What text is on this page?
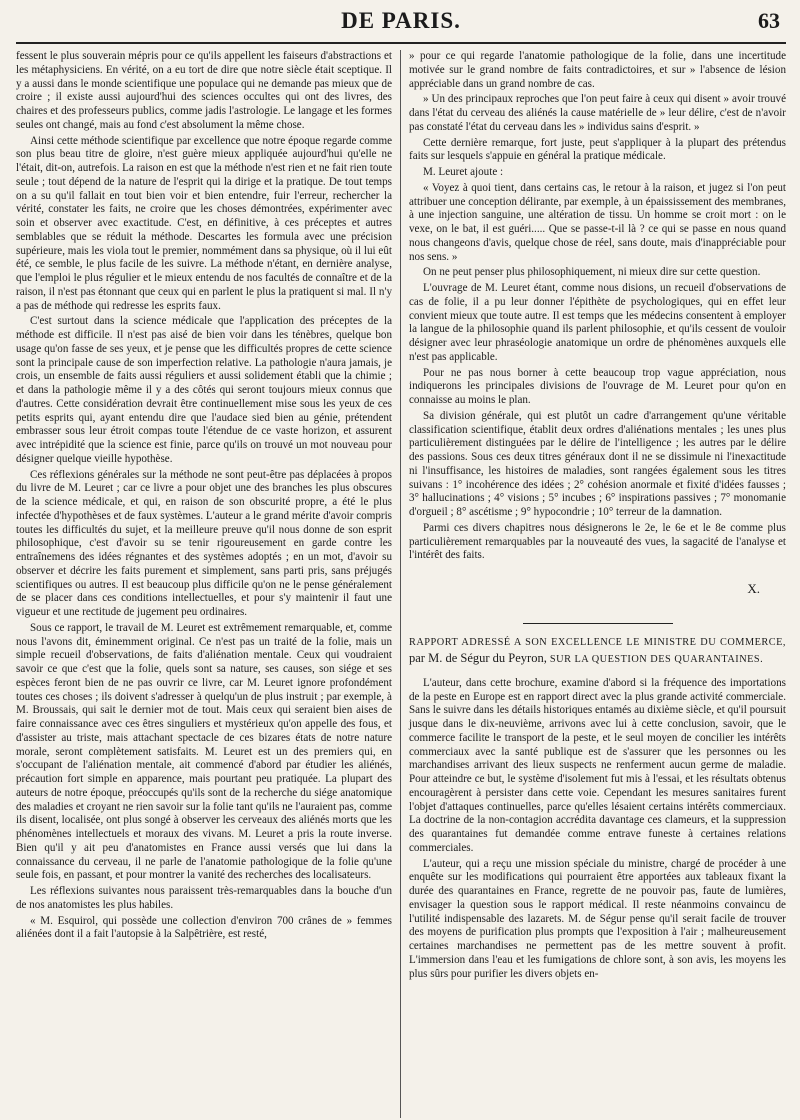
DE PARIS.	63

fessent le plus souverain mépris pour ce qu'ils appellent les faiseurs d'abstractions et les métaphysiciens. En vérité, on a eu tort de dire que notre siècle était sceptique. Il y a aussi dans le monde scientifique une populace qui ne demande pas mieux que de croire ; il existe aussi aujourd'hui des sciences occultes qui ont des livres, des chaires et des professeurs publics, comme jadis l'astrologie. Le langage et les formes seules ont changé, mais au fond c'est absolument la même chose.

Ainsi cette méthode scientifique par excellence que notre époque regarde comme son plus beau titre de gloire, n'est guère mieux appliquée aujourd'hui qu'elle ne l'était, dit-on, autrefois. La raison en est que la méthode n'est rien et ne fait rien toute seule ; tout dépend de la nature de l'esprit qui la dirige et la pratique. De tout temps on a su qu'il fallait en tout bien voir et bien entendre, fuir l'erreur, rechercher la vérité, constater les faits, ne croire que les choses démontrées, expérimenter avec soin et observer avec exactitude. C'est, en définitive, à ces préceptes et autres semblables que se réduit la méthode. Descartes les formula avec une précision supérieure, mais les viola tout le premier, nommément dans sa physique, où il lui eût été, ce semble, le plus facile de les suivre. La méthode n'étant, en dernière analyse, que l'emploi le plus régulier et le mieux entendu de nos facultés de connaître et de la raison, il n'est pas étonnant que ceux qui en parlent le plus la pratiquent si mal. Il n'y a pas de méthode qui redresse les esprits faux.

C'est surtout dans la science médicale que l'application des préceptes de la méthode est difficile. Il n'est pas aisé de bien voir dans les ténèbres, quelque bon usage qu'on fasse de ses yeux, et je pense que les difficultés propres de cette science sont la principale cause de son imperfection relative. La pathologie n'aura jamais, je crois, un ensemble de faits aussi réguliers et aussi solidement établi que la chimie ; et dans la pathologie même il y a des côtés qui seront toujours mieux connus que d'autres. Cette considération devrait être continuellement mise sous les yeux de ces petits esprits qui, ayant entendu dire que l'audace sied bien au génie, prétendent embrasser sous leur étroit compas toute l'étendue de ce vaste horizon, et assurent avec intrépidité que la science est finie, parce qu'ils on trouvé un mot nouveau pour désigner quelque vieille hypothèse.

Ces réflexions générales sur la méthode ne sont peut-être pas déplacées à propos du livre de M. Leuret ; car ce livre a pour objet une des branches les plus obscures de la science médicale, et qui, en raison de son obscurité propre, a été le plus infectée d'hypothèses et de faux systèmes. L'auteur a le grand mérite d'avoir compris toutes les difficultés du sujet, et la meilleure preuve qu'il nous donne de son esprit philosophique, c'est d'avoir su se tenir rigoureusement en garde contre les entraînemens des idées régnantes et des systèmes adoptés ; en un mot, d'avoir su observer et décrire les faits purement et simplement, sans parti pris, sans préjugés scientifiques ou autres. Il est beaucoup plus difficile qu'on ne le pense généralement de se placer dans ces conditions intellectuelles, et pour s'y maintenir il faut une vigueur et une rectitude de jugement peu ordinaires.

Sous ce rapport, le travail de M. Leuret est extrêmement remarquable, et, comme nous l'avons dit, éminemment original. Ce n'est pas un traité de la folie, mais un simple recueil d'observations, de faits d'aliénation mentale. Ceux qui voudraient savoir ce que c'est que la folie, quels sont sa nature, ses causes, son siége et ses espèces feront bien de ne pas ouvrir ce livre, car M. Leuret ignore profondément toutes ces choses ; ils doivent s'adresser à quelqu'un de plus instruit ; par exemple, à M. Broussais, qui sait le dernier mot de tout. Mais ceux qui seraient bien aises de faire connaissance avec ces êtres singuliers et mystérieux qu'on appelle des fous, et d'assister au triste, mais attachant spectacle de ces bizares états de notre nature morale, seront complètement satisfaits. M. Leuret est un des premiers qui, en s'occupant de l'aliénation mentale, ait commencé d'abord par étudier les aliénés, précaution fort simple en apparence, mais pourtant peu pratiquée. La plupart des auteurs de notre époque, préoccupés qu'ils sont de la recherche du siége anatomique des maladies et croyant ne rien savoir sur la folie tant qu'ils ne l'auraient pas, comme ils disent, localisée, ont plus songé à observer les cerveaux des aliénés morts que les phénomènes intellectuels et moraux des vivans. M. Leuret a pris la route inverse. Bien qu'il y ait peu d'anatomistes en France aussi versés que lui dans la connaissance du cerveau, il ne parle de l'anatomie pathologique de la folie qu'une seule fois, en passant, et pour montrer la vanité des recherches des localisateurs.

Les réflexions suivantes nous paraissent très-remarquables dans la bouche d'un de nos anatomistes les plus habiles.

« M. Esquirol, qui possède une collection d'environ 700 crânes de » femmes aliénées dont il a fait l'autopsie à la Salpêtrière, est resté,

» pour ce qui regarde l'anatomie pathologique de la folie, dans une incertitude motivée sur le grand nombre de faits contradictoires, et sur » l'absence de lésion appréciable dans un grand nombre de cas.

» Un des principaux reproches que l'on peut faire à ceux qui disent » avoir trouvé dans l'état du cerveau des aliénés la cause matérielle de » leur délire, c'est de n'avoir pas constaté l'état du cerveau dans les » individus sains d'esprit. »

Cette dernière remarque, fort juste, peut s'appliquer à la plupart des prétendus faits sur lesquels s'appuie en général la pratique médicale.

M. Leuret ajoute :

« Voyez à quoi tient, dans certains cas, le retour à la raison, et jugez si l'on peut attribuer une conception délirante, par exemple, à un épaississement des membranes, à une injection sanguine, une altération de tissu. Un homme se croit mort : on le vexe, on le bat, il est guéri..... Que se passe-t-il là ? ce qui se passe en nous quand nous changeons d'avis, quelque chose de réel, sans doute, mais d'inappréciable pour nos sens. »

On ne peut penser plus philosophiquement, ni mieux dire sur cette question.

L'ouvrage de M. Leuret étant, comme nous disions, un recueil d'observations de cas de folie, il a pu leur donner l'épithète de psychologiques, qui en effet leur convient mieux que toute autre. Il est temps que les médecins consentent à employer la langue de la philosophie quand ils parlent philosophie, et qu'ils cessent de vouloir désigner avec leur phraséologie anatomique un ordre de phénomènes auxquels elle n'est pas applicable.

Pour ne pas nous borner à cette beaucoup trop vague appréciation, nous indiquerons les principales divisions de l'ouvrage de M. Leuret pour qu'on en connaisse au moins le plan.

Sa division générale, qui est plutôt un cadre d'arrangement qu'une véritable classification scientifique, établit deux ordres d'aliénations mentales ; les unes plus particulièrement distinguées par le délire de l'intelligence ; les autres par le délire des passions. Sous ces deux titres généraux dont il ne se dissimule ni l'inexactitude ni l'insuffisance, les histoires de maladies, sont rangées également sous les titres suivans : 1° incohérence des idées ; 2° cohésion anormale et fixité d'idées fausses ; 3° hallucinations ; 4° visions ; 5° incubes ; 6° inspirations passives ; 7° monomanie d'orgueil ; 8° ascétisme ; 9° hypocondrie ; 10° terreur de la damnation.

Parmi ces divers chapitres nous désignerons le 2e, le 6e et le 8e comme plus particulièrement remarquables par la nouveauté des vues, la sagacité de l'analyse et l'intérêt des faits.

X.

RAPPORT ADRESSÉ A SON EXCELLENCE LE MINISTRE DU COMMERCE, par M. de Ségur du Peyron, SUR LA QUESTION DES QUARANTAINES.

L'auteur, dans cette brochure, examine d'abord si la fréquence des importations de la peste en Europe est en rapport direct avec la plus grande activité commerciale. Sans le suivre dans les détails historiques entamés au dixième siècle, et qu'il poursuit jusque dans le dix-neuvième, arrivons avec lui à cette conclusion, savoir, que le commerce facilite le transport de la peste, et le seul moyen de concilier les intérêts commerciaux avec la santé publique est de s'assurer que les personnes ou les marchandises arrivant des lieux suspects ne renferment aucun germe de maladie. Pour atteindre ce but, le système d'isolement fut mis à l'essai, et les résultats obtenus encouragèrent à persister dans cette voie. Cependant les mesures sanitaires furent l'objet d'attaques continuelles, parce qu'elles lésaient certains intérêts commerciaux. La doctrine de la non-contagion accrédita davantage ces clameurs, et la suppression des quarantaines fut demandée comme entrave funeste à certaines relations commerciales.

L'auteur, qui a reçu une mission spéciale du ministre, chargé de procéder à une enquête sur les modifications qui pourraient être apportées aux tableaux fixant la durée des quarantaines en France, regrette de ne pouvoir pas, faute de lumières, envisager la question sous le rapport médical. Il reste néanmoins convaincu de l'utilité indispensable des lazarets. M. de Ségur pense qu'il serait facile de trouver des moyens de purification plus prompts que l'exposition à l'air ; malheureusement certaines marchandises ne permettent pas de les mettre souvent à profit. L'immersion dans l'eau et les fumigations de chlore sont, à son avis, les moyens les plus sûrs pour purifier les divers objets en-
